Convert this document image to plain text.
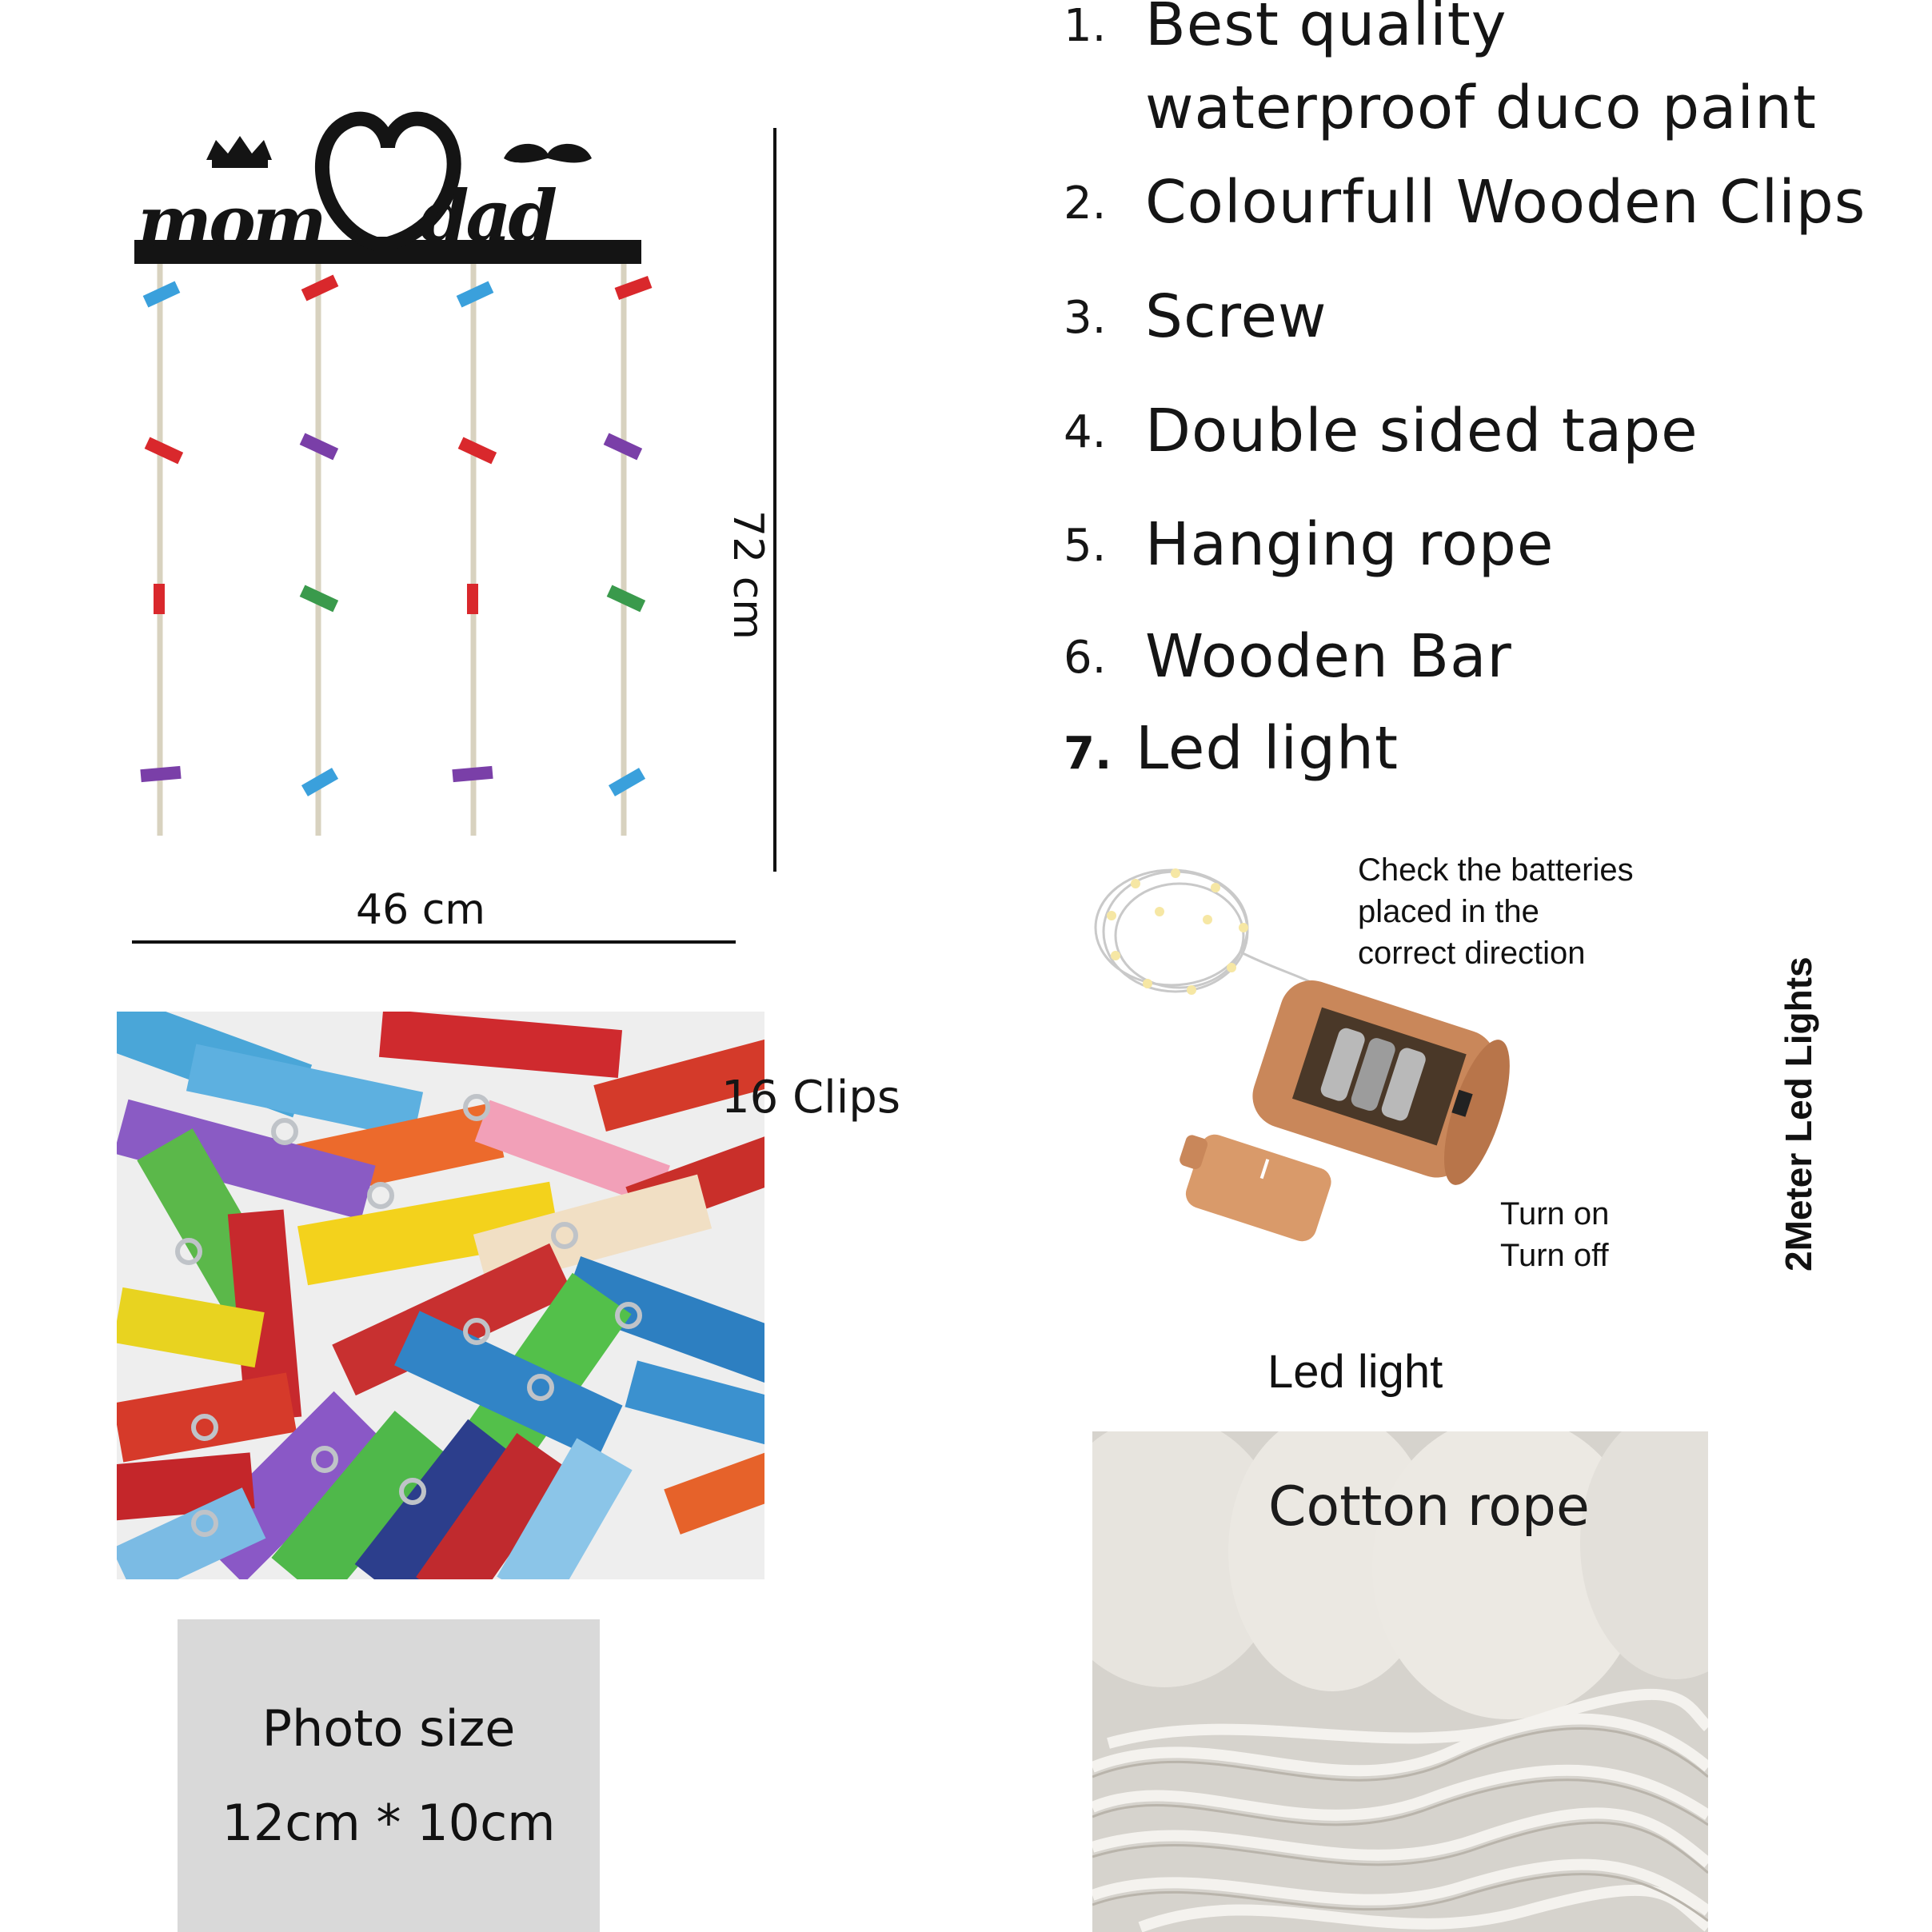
1. Best quality
waterproof duco paint
2. Colourfull Wooden Clips
3. Screw
4. Double sided tape
5. Hanging rope
6. Wooden Bar
7. Led light
mom dad
72 cm
46 cm
16 Clips
Photo size
12cm * 10cm
Check the batteries
placed in the
correct direction
Turn on
Turn off	2Meter Led Lights
Led light
Cotton rope
